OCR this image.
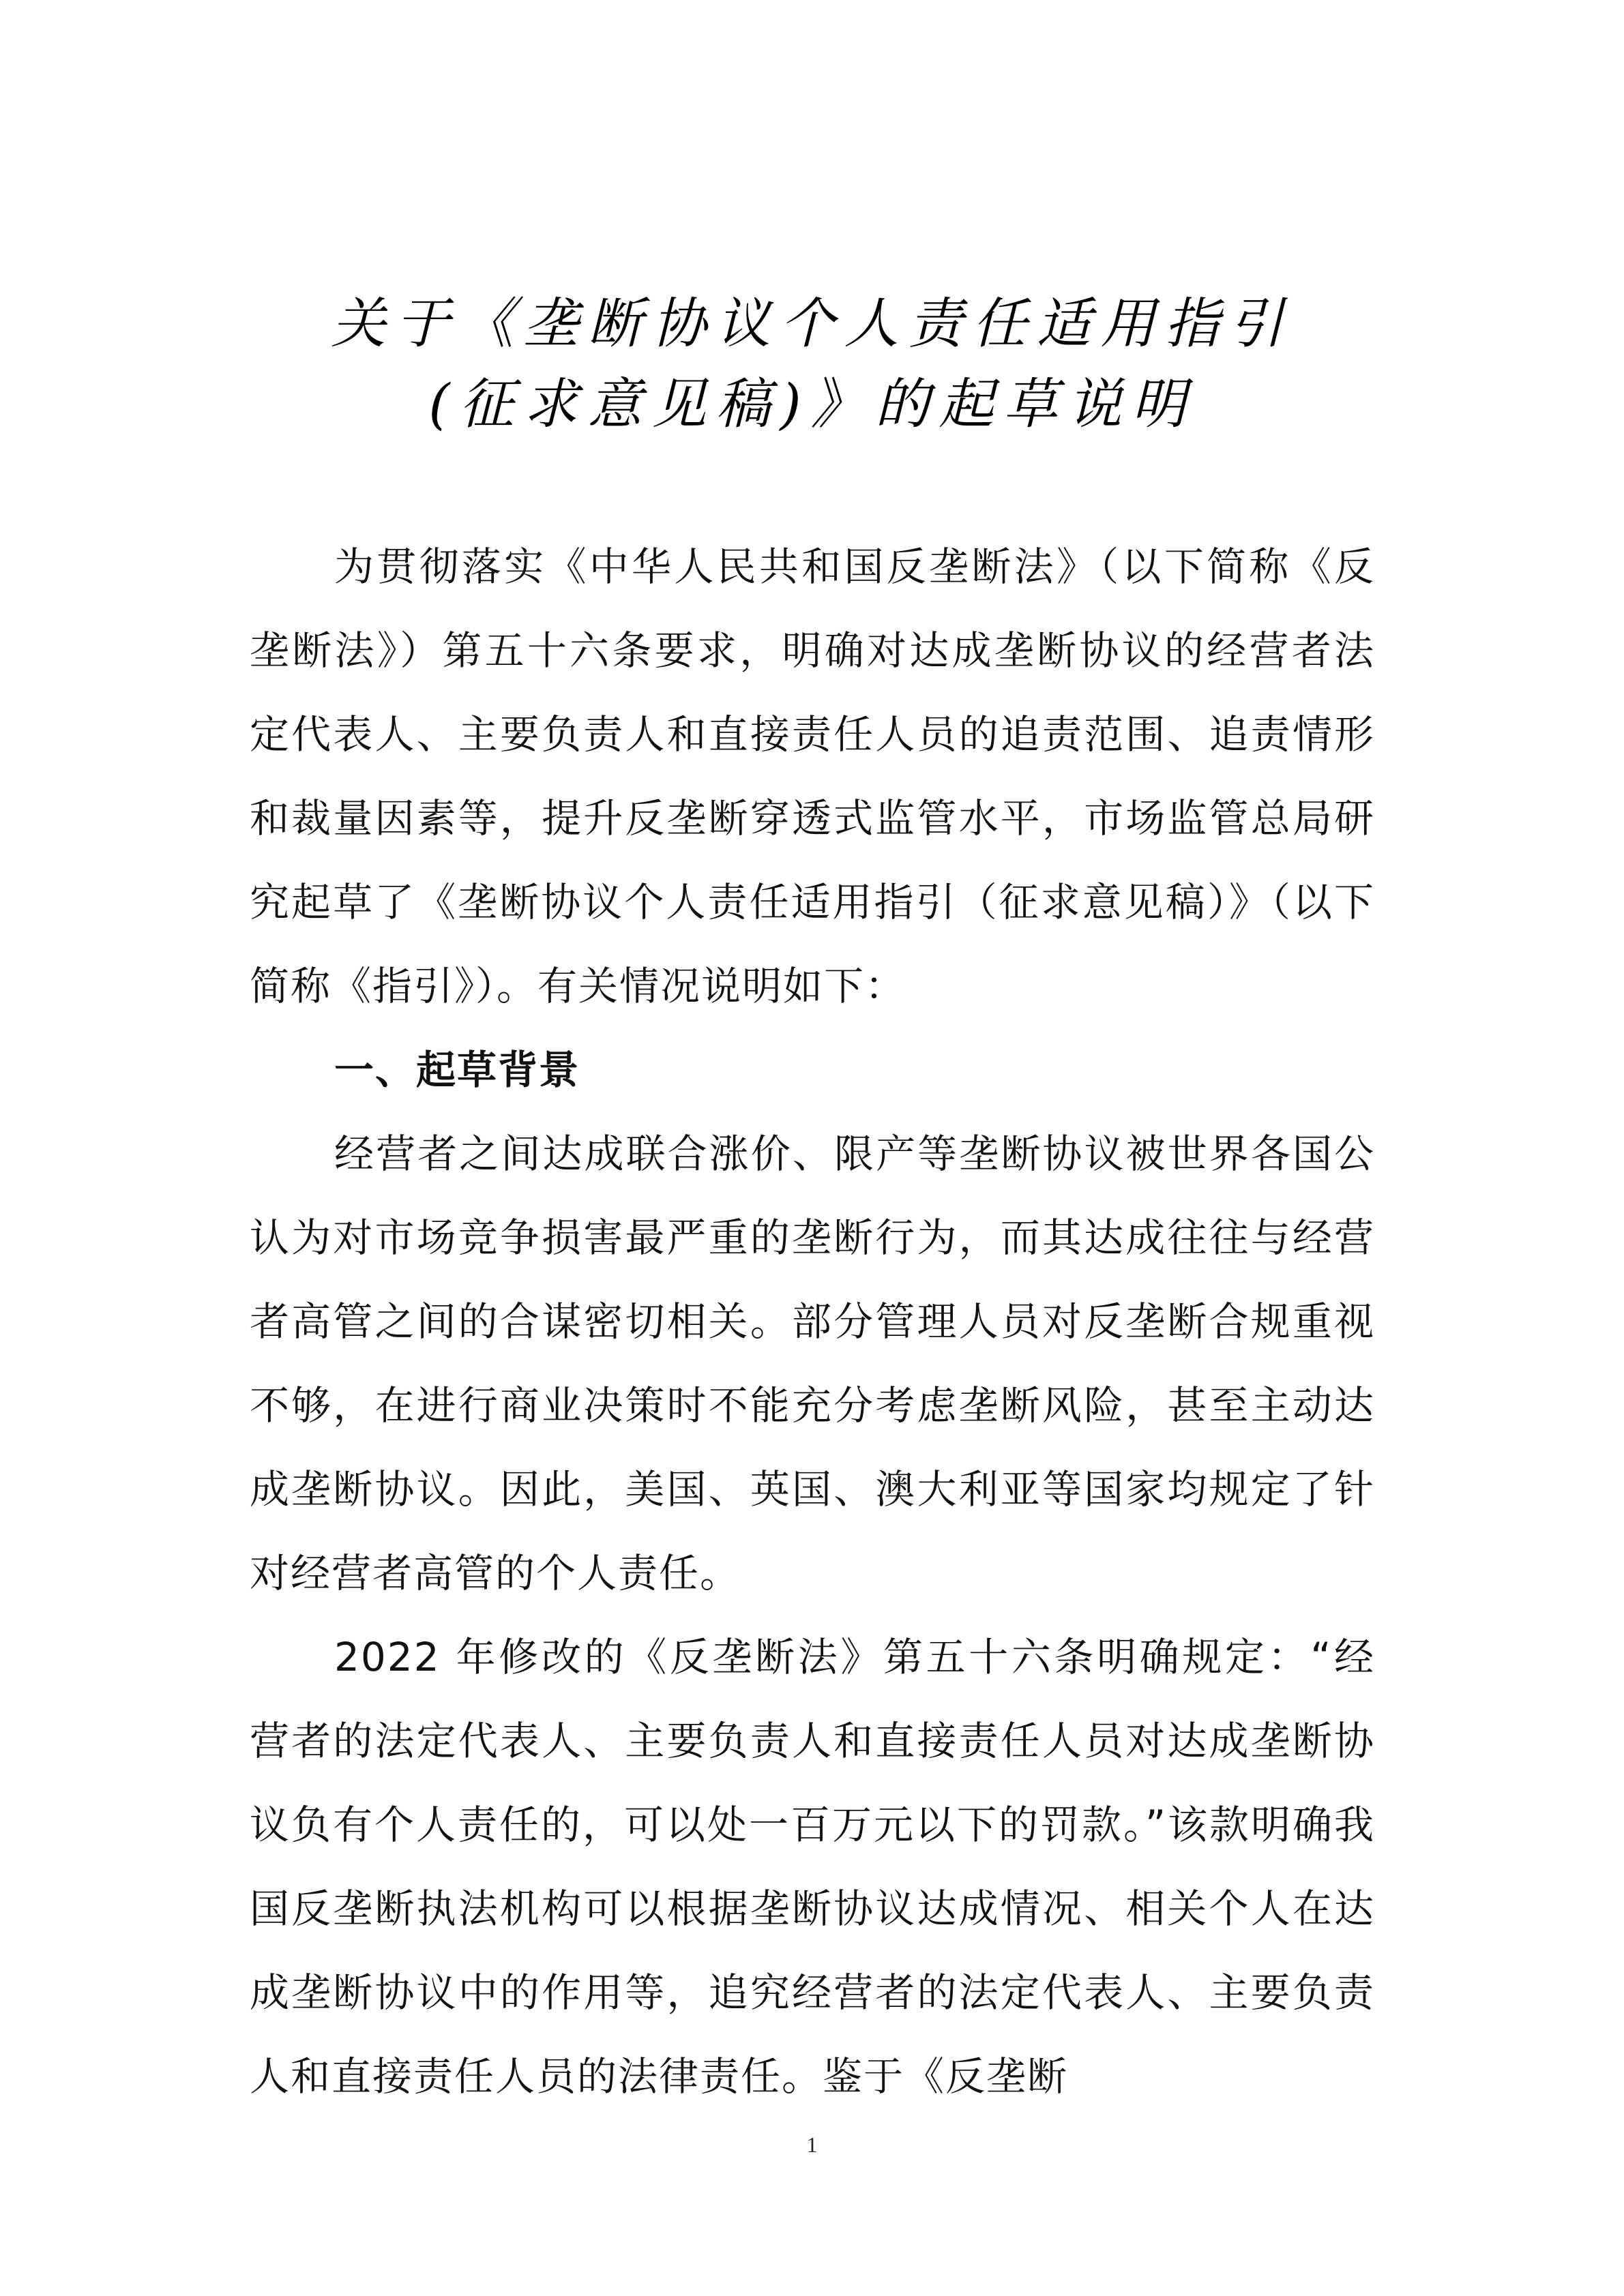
关于《垄断协议个人责任适用指引
(征求意见稿)》的起草说明

为贯彻落实《中华人民共和国反垄断法》（以下简称《反垄断法》）第五十六条要求，明确对达成垄断协议的经营者法定代表人、主要负责人和直接责任人员的追责范围、追责情形和裁量因素等，提升反垄断穿透式监管水平，市场监管总局研究起草了《垄断协议个人责任适用指引（征求意见稿）》（以下简称《指引》）。有关情况说明如下：

一、起草背景

经营者之间达成联合涨价、限产等垄断协议被世界各国公认为对市场竞争损害最严重的垄断行为，而其达成往往与经营者高管之间的合谋密切相关。部分管理人员对反垄断合规重视不够，在进行商业决策时不能充分考虑垄断风险，甚至主动达成垄断协议。因此，美国、英国、澳大利亚等国家均规定了针对经营者高管的个人责任。

2022 年修改的《反垄断法》第五十六条明确规定：“经营者的法定代表人、主要负责人和直接责任人员对达成垄断协议负有个人责任的，可以处一百万元以下的罚款。”该款明确我国反垄断执法机构可以根据垄断协议达成情况、相关个人在达成垄断协议中的作用等，追究经营者的法定代表人、主要负责人和直接责任人员的法律责任。鉴于《反垄断

1
